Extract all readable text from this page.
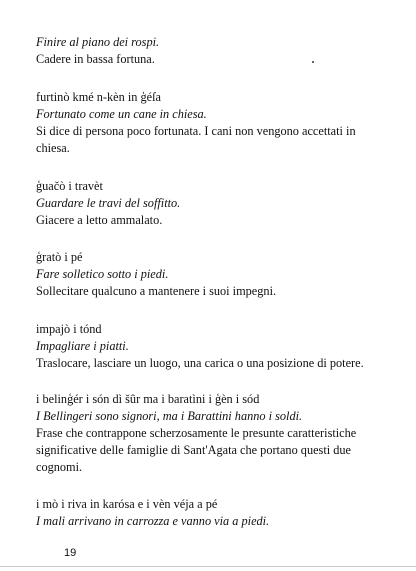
Finire al piano dei rospi.
Cadere in bassa fortuna.
furtinò kmé n-kèn in ģéſa
Fortunato come un cane in chiesa.
Si dice di persona poco fortunata. I cani non vengono accettati in
chiesa.
ģuačò i travèt
Guardare le travi del soffitto.
Giacere a letto ammalato.
ģratò i pé
Fare solletico sotto i piedi.
Sollecitare qualcuno a mantenere i suoi impegni.
impajò i tónd
Impagliare i piatti.
Traslocare, lasciare un luogo, una carica o una posizione di potere.
i belinģér i són dì šûr ma i baratìni i ģèn i sód
I Bellingeri sono signori, ma i Barattini hanno i soldi.
Frase che contrappone scherzosamente le presunte caratteristiche
significative delle famiglie di Sant'Agata che portano questi due
cognomi.
i mò i riva in karósa e i vèn véja a pé
I mali arrivano in carrozza e vanno via a piedi.
19
